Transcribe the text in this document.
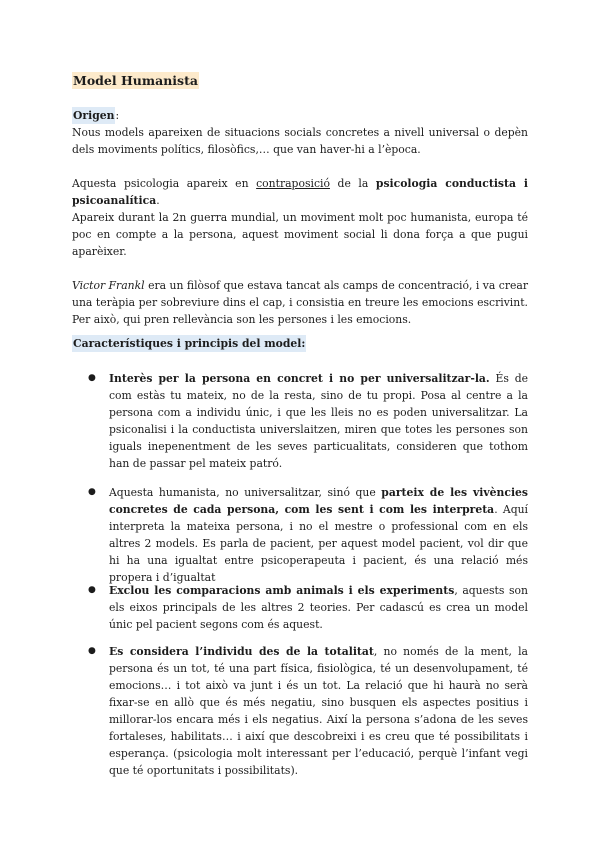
Model Humanista

Origen:

Nous models apareixen de situacions socials concretes a nivell universal o depèn dels moviments polítics, filosòfics,… que van haver-hi a l’època.

Aquesta psicologia apareix en contraposició de la psicologia conductista i psicoanalítica.

Apareix durant la 2n guerra mundial, un moviment molt poc humanista, europa té poc en compte a la persona, aquest moviment social li dona força a que pugui aparèixer.

Victor Frankl era un filòsof que estava tancat als camps de concentració, i va crear una teràpia per sobreviure dins el cap, i consistia en treure les emocions escrivint. Per això, qui pren rellevància son les persones i les emocions.

Característiques i principis del model:

● Interès per la persona en concret i no per universalitzar-la. És de com estàs tu mateix, no de la resta, sino de tu propi. Posa al centre a la persona com a individu únic, i que les lleis no es poden universalitzar. La psiconalisi i la conductista universlaitzen, miren que totes les persones son iguals inepenentment de les seves particualitats, consideren que tothom han de passar pel mateix patró.
● Aquesta humanista, no universalitzar, sinó que parteix de les vivències concretes de cada persona, com les sent i com les interpreta. Aquí interpreta la mateixa persona, i no el mestre o professional com en els altres 2 models. Es parla de pacient, per aquest model pacient, vol dir que hi ha una igualtat entre psicoperapeuta i pacient, és una relació més propera i d’igualtat
● Exclou les comparacions amb animals i els experiments, aquests son els eixos principals de les altres 2 teories. Per cadascú es crea un model únic pel pacient segons com és aquest.
● Es considera l’individu des de la totalitat, no només de la ment, la persona és un tot, té una part física, fisiològica, té un desenvolupament, té emocions… i tot això va junt i és un tot. La relació que hi haurà no serà fixar-se en allò que és més negatiu, sino busquen els aspectes positius i millorar-los encara més i els negatius. Així la persona s’adona de les seves fortaleses, habilitats… i així que descobreixi i es creu que té possibilitats i esperança. (psicologia molt interessant per l’educació, perquè l’infant vegi que té oportunitats i possibilitats).
